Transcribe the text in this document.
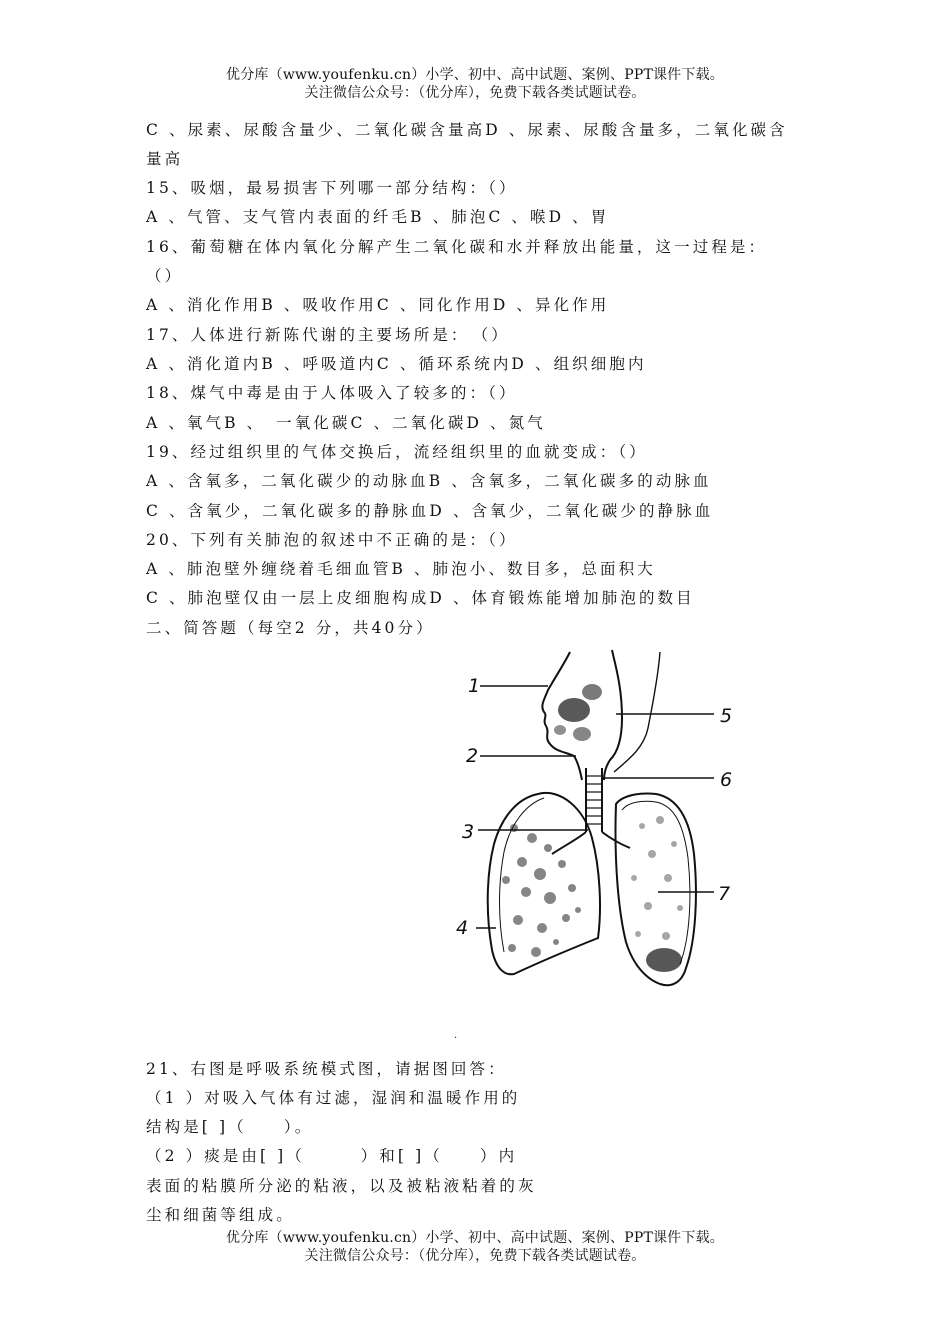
优分库（www.youfenku.cn）小学、初中、高中试题、案例、PPT课件下载。
关注微信公众号：（优分库），免费下载各类试题试卷。
C 、尿素、尿酸含量少、二氧化碳含量高D 、尿素、尿酸含量多，二氧化碳含
量高
15、吸烟，最易损害下列哪一部分结构：（）
A 、气管、支气管内表面的纤毛B 、肺泡C 、喉D 、胃
16、葡萄糖在体内氧化分解产生二氧化碳和水并释放出能量，这一过程是：
（）
A 、消化作用B 、吸收作用C 、同化作用D 、异化作用
17、人体进行新陈代谢的主要场所是：　（）
A 、消化道内B 、呼吸道内C 、循环系统内D 、组织细胞内
18、煤气中毒是由于人体吸入了较多的：（）
A 、氧气B 、　一氧化碳C 、二氧化碳D 、氮气
19、经过组织里的气体交换后，流经组织里的血就变成：（）
A 、含氧多，二氧化碳少的动脉血B 、含氧多，二氧化碳多的动脉血
C 、含氧少，二氧化碳多的静脉血D 、含氧少，二氧化碳少的静脉血
20、下列有关肺泡的叙述中不正确的是：（）
A 、肺泡壁外缠绕着毛细血管B 、肺泡小、数目多，总面积大
C 、肺泡壁仅由一层上皮细胞构成D 、体育锻炼能增加肺泡的数目
二、简答题（每空2 分，共40分）
1
2
3
4
5
6
7
.
21、右图是呼吸系统模式图，请据图回答：
（1 ）对吸入气体有过滤，湿润和温暖作用的
结构是[ ]（　　）。
（2 ）痰是由[ ]（　　　）和[ ]（　　）内
表面的粘膜所分泌的粘液，以及被粘液粘着的灰
尘和细菌等组成。
优分库（www.youfenku.cn）小学、初中、高中试题、案例、PPT课件下载。
关注微信公众号：（优分库），免费下载各类试题试卷。
